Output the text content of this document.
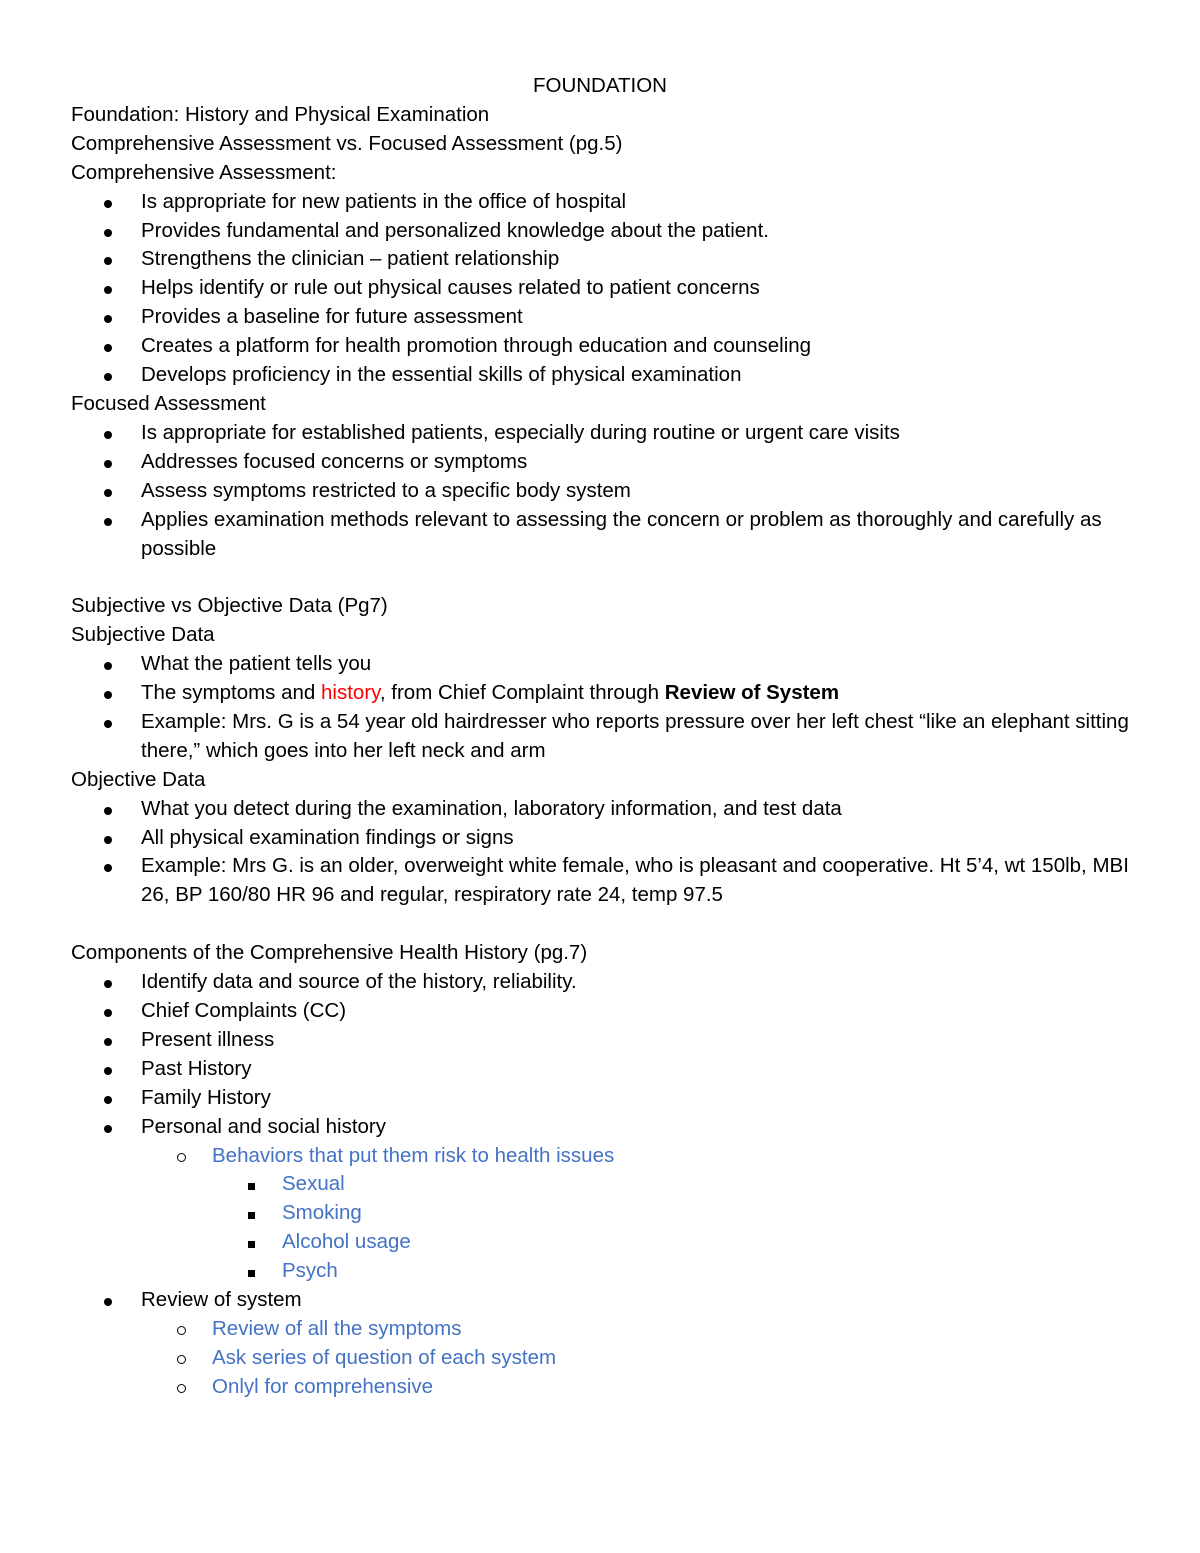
FOUNDATION

Foundation: History and Physical Examination

Comprehensive Assessment vs. Focused Assessment (pg.5)

Comprehensive Assessment:

Is appropriate for new patients in the office of hospital
Provides fundamental and personalized knowledge about the patient.
Strengthens the clinician – patient relationship
Helps identify or rule out physical causes related to patient concerns
Provides a baseline for future assessment
Creates a platform for health promotion through education and counseling
Develops proficiency in the essential skills of physical examination

Focused Assessment

Is appropriate for established patients, especially during routine or urgent care visits
Addresses focused concerns or symptoms
Assess symptoms restricted to a specific body system
Applies examination methods relevant to assessing the concern or problem as thoroughly and carefully as possible

Subjective vs Objective Data (Pg7)

Subjective Data

What the patient tells you
The symptoms and history, from Chief Complaint through Review of System
Example: Mrs. G is a 54 year old hairdresser who reports pressure over her left chest “like an elephant sitting there,” which goes into her left neck and arm

Objective Data

What you detect during the examination, laboratory information, and test data
All physical examination findings or signs
Example: Mrs G. is an older, overweight white female, who is pleasant and cooperative. Ht 5’4, wt 150lb, MBI 26, BP 160/80 HR 96 and regular, respiratory rate 24, temp 97.5

Components of the Comprehensive Health History (pg.7)

Identify data and source of the history, reliability.
Chief Complaints (CC)
Present illness
Past History
Family History
Personal and social history
Behaviors that put them risk to health issues
Sexual
Smoking
Alcohol usage
Psych
Review of system
Review of all the symptoms
Ask series of question of each system
Onlyl for comprehensive
